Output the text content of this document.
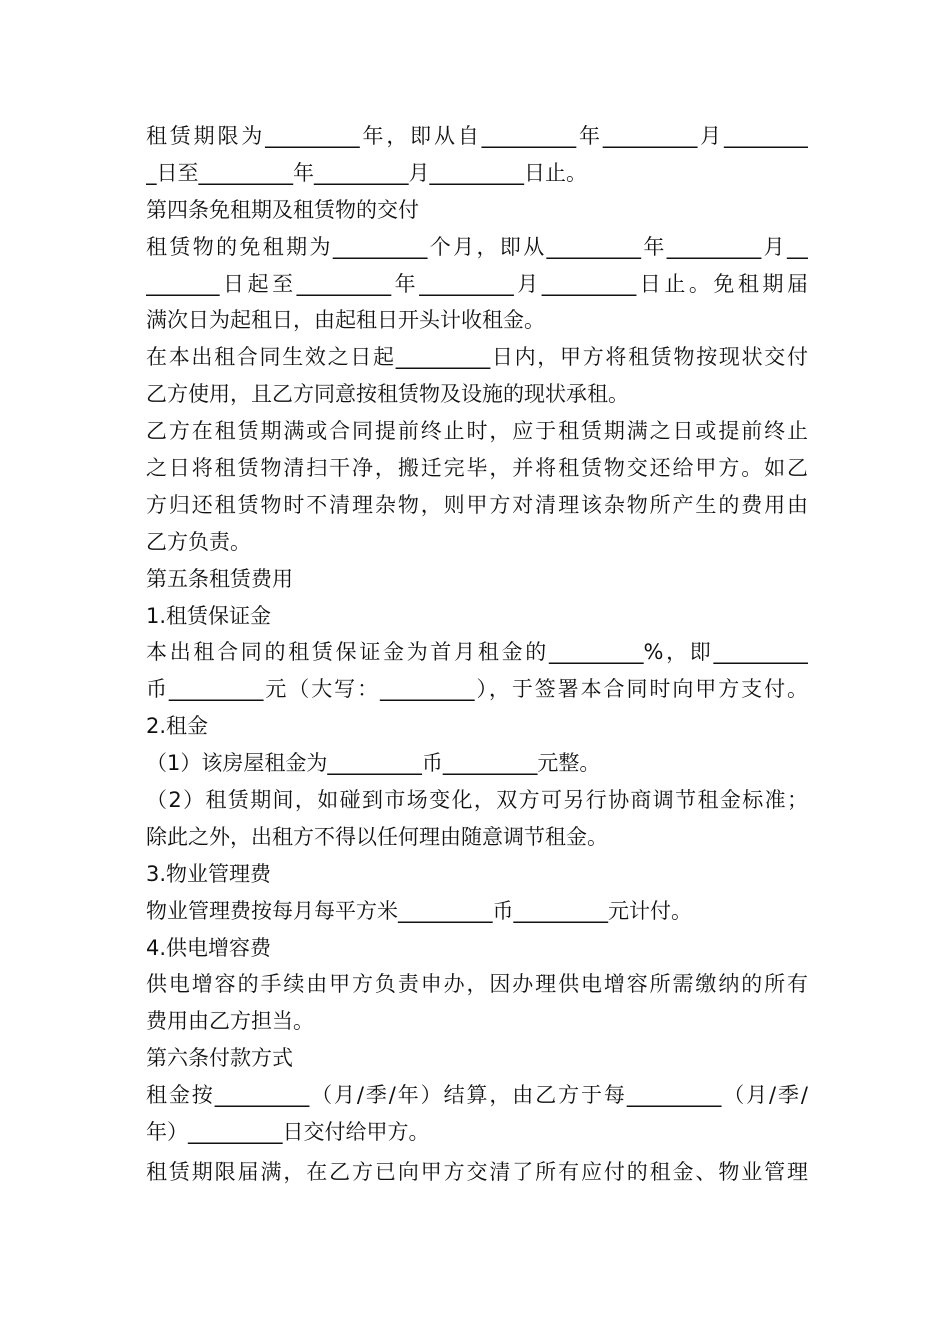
租赁期限为_________年，即从自_________年_________月________
_日至_________年_________月_________日止。
第四条免租期及租赁物的交付
租赁物的免租期为_________个月，即从_________年_________月__
_______日起至_________年_________月_________日止。免租期届
满次日为起租日，由起租日开头计收租金。
在本出租合同生效之日起_________日内，甲方将租赁物按现状交付
乙方使用，且乙方同意按租赁物及设施的现状承租。
乙方在租赁期满或合同提前终止时，应于租赁期满之日或提前终止
之日将租赁物清扫干净，搬迁完毕，并将租赁物交还给甲方。如乙
方归还租赁物时不清理杂物，则甲方对清理该杂物所产生的费用由
乙方负责。
第五条租赁费用
1.租赁保证金
本出租合同的租赁保证金为首月租金的_________%，即_________
币_________元（大写：_________），于签署本合同时向甲方支付。
2.租金
（1）该房屋租金为_________币_________元整。
（2）租赁期间，如碰到市场变化，双方可另行协商调节租金标准；
除此之外，出租方不得以任何理由随意调节租金。
3.物业管理费
物业管理费按每月每平方米_________币_________元计付。
4.供电增容费
供电增容的手续由甲方负责申办，因办理供电增容所需缴纳的所有
费用由乙方担当。
第六条付款方式
租金按_________（月/季/年）结算，由乙方于每_________（月/季/
年）_________日交付给甲方。
租赁期限届满，在乙方已向甲方交清了所有应付的租金、物业管理
